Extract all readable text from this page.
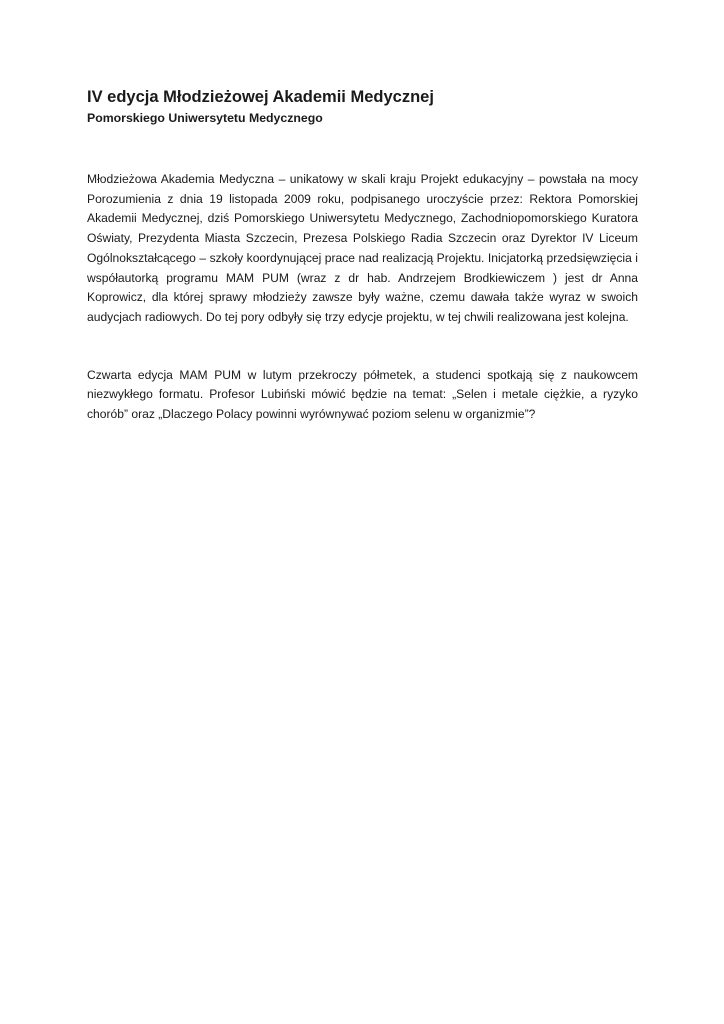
IV edycja Młodzieżowej Akademii Medycznej
Pomorskiego Uniwersytetu Medycznego

Młodzieżowa Akademia Medyczna – unikatowy w skali kraju Projekt edukacyjny – powstała na mocy Porozumienia z dnia 19 listopada 2009 roku, podpisanego uroczyście przez: Rektora Pomorskiej Akademii Medycznej, dziś Pomorskiego Uniwersytetu Medycznego, Zachodniopomorskiego Kuratora Oświaty, Prezydenta Miasta Szczecin, Prezesa Polskiego Radia Szczecin oraz Dyrektor IV Liceum Ogólnokształcącego – szkoły koordynującej prace nad realizacją Projektu. Inicjatorką przedsięwzięcia i współautorką programu MAM PUM (wraz z dr hab. Andrzejem Brodkiewiczem ) jest dr Anna Koprowicz, dla której sprawy młodzieży zawsze były ważne, czemu dawała także wyraz w swoich audycjach radiowych. Do tej pory odbyły się trzy edycje projektu, w tej chwili realizowana jest kolejna.

Czwarta edycja MAM PUM w lutym przekroczy półmetek, a studenci spotkają się z naukowcem niezwykłego formatu. Profesor Lubiński mówić będzie na temat: „Selen i metale ciężkie, a ryzyko chorób” oraz „Dlaczego Polacy powinni wyrównywać poziom selenu w organizmie”?
